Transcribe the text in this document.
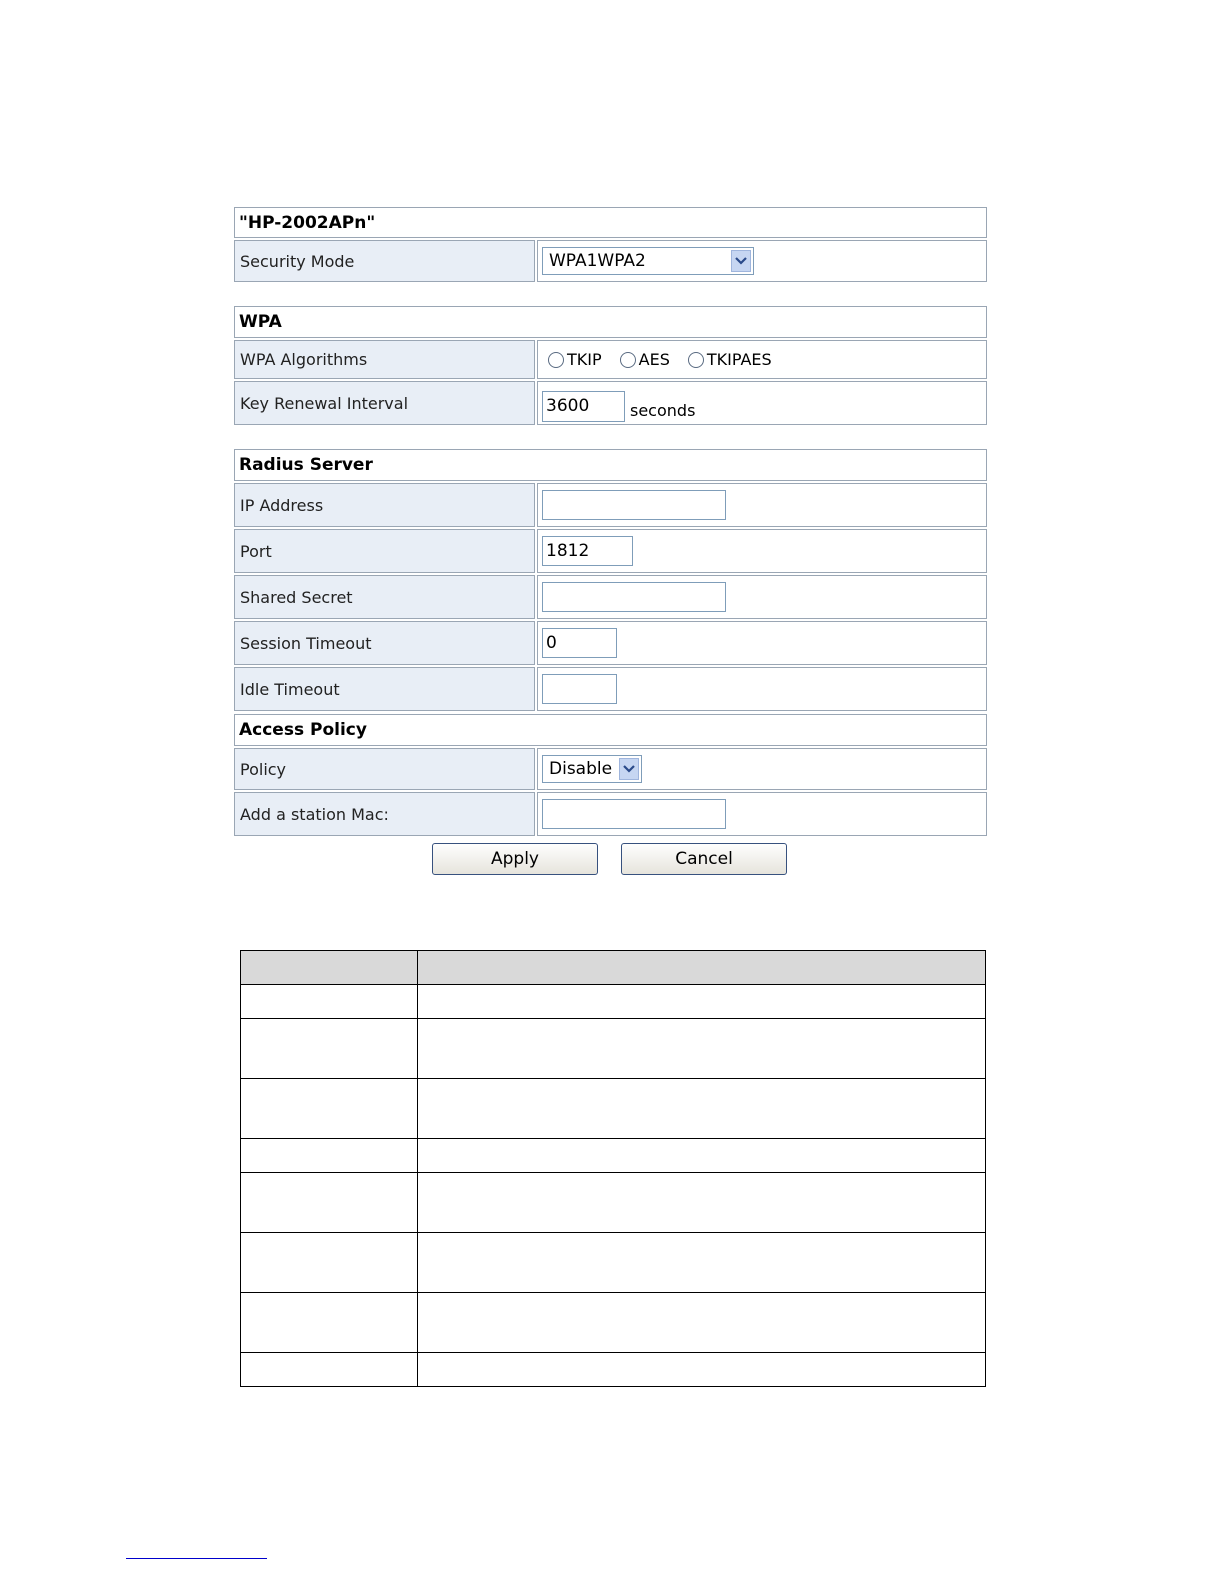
"HP-2002APn"
Security Mode	WPA1WPA2
WPA
WPA Algorithms	TKIP AES TKIPAES
Key Renewal Interval	3600	seconds
Radius Server
IP Address
Port	1812
Shared Secret
Session Timeout	0
Idle Timeout
Access Policy
Policy	Disable
Add a station Mac:
Apply	Cancel
